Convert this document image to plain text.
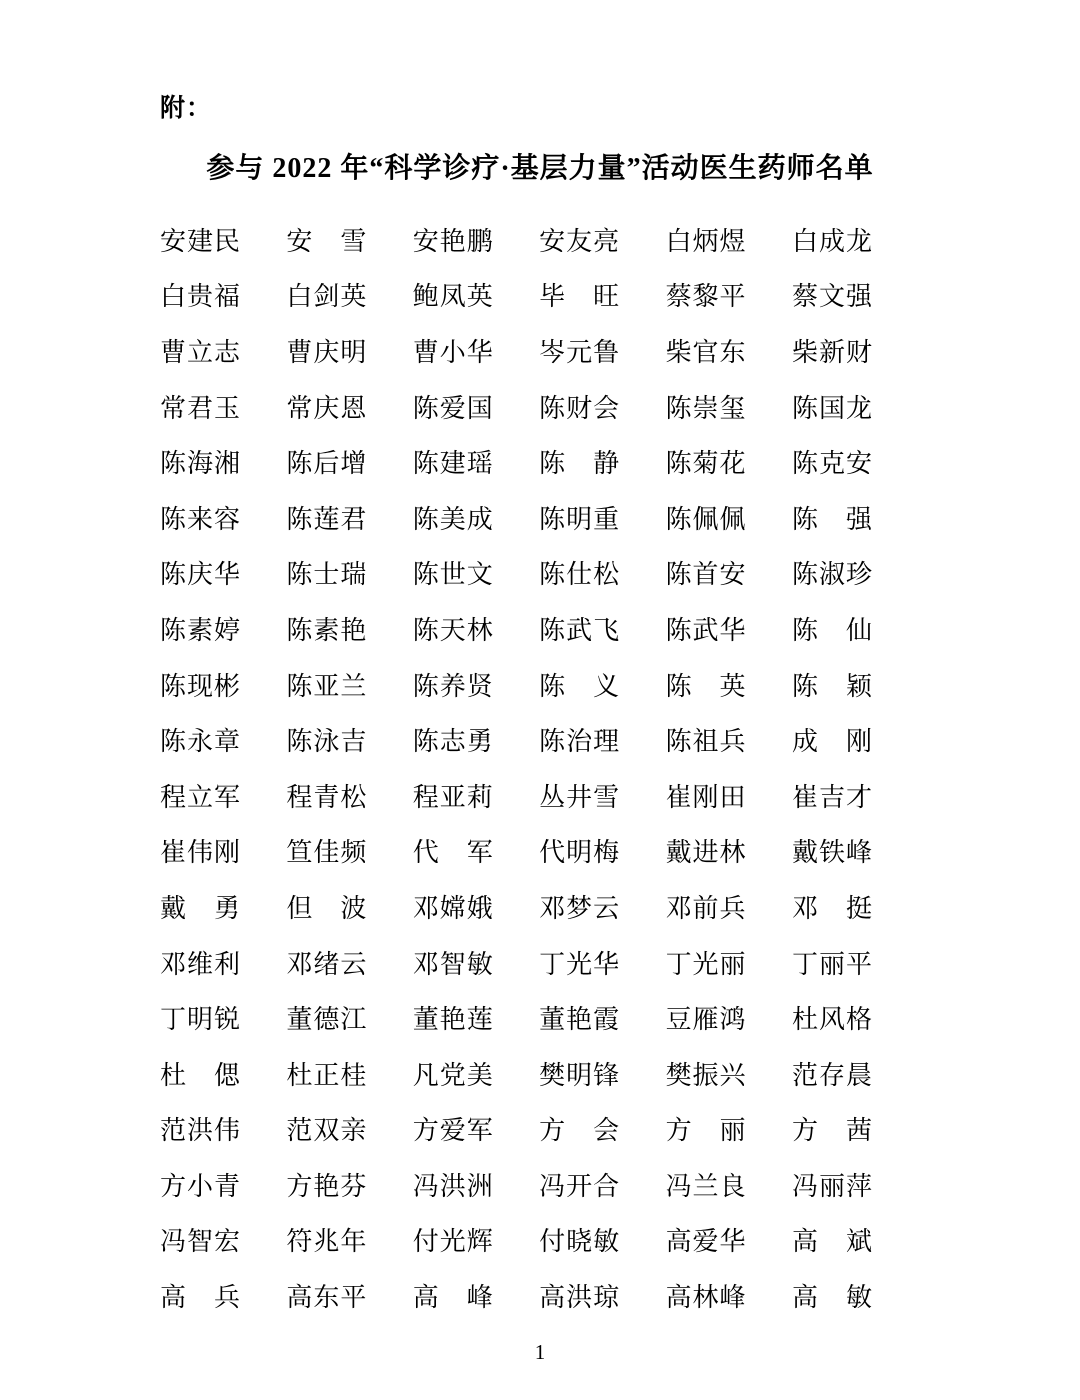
附：
参与 2022 年“科学诊疗·基层力量”活动医生药师名单
安建民 安雪 安艳鹏 安友亮 白炳煜 白成龙
白贵福 白剑英 鲍凤英 毕旺 蔡黎平 蔡文强
曹立志 曹庆明 曹小华 岑元鲁 柴官东 柴新财
常君玉 常庆恩 陈爱国 陈财会 陈崇玺 陈国龙
陈海湘 陈后增 陈建瑶 陈静 陈菊花 陈克安
陈来容 陈莲君 陈美成 陈明重 陈佩佩 陈强
陈庆华 陈士瑞 陈世文 陈仕松 陈首安 陈淑珍
陈素婷 陈素艳 陈天林 陈武飞 陈武华 陈仙
陈现彬 陈亚兰 陈养贤 陈义 陈英 陈颖
陈永章 陈泳吉 陈志勇 陈治理 陈祖兵 成刚
程立军 程青松 程亚莉 丛井雪 崔刚田 崔吉才
崔伟刚 笪佳频 代军 代明梅 戴进林 戴铁峰
戴勇 但波 邓嫦娥 邓梦云 邓前兵 邓挺
邓维利 邓绪云 邓智敏 丁光华 丁光丽 丁丽平
丁明锐 董德江 董艳莲 董艳霞 豆雁鸿 杜风格
杜偲 杜正桂 凡党美 樊明锋 樊振兴 范存晨
范洪伟 范双亲 方爱军 方会 方丽 方茜
方小青 方艳芬 冯洪洲 冯开合 冯兰良 冯丽萍
冯智宏 符兆年 付光辉 付晓敏 高爱华 高斌
高兵 高东平 高峰 高洪琼 高林峰 高敏
1
